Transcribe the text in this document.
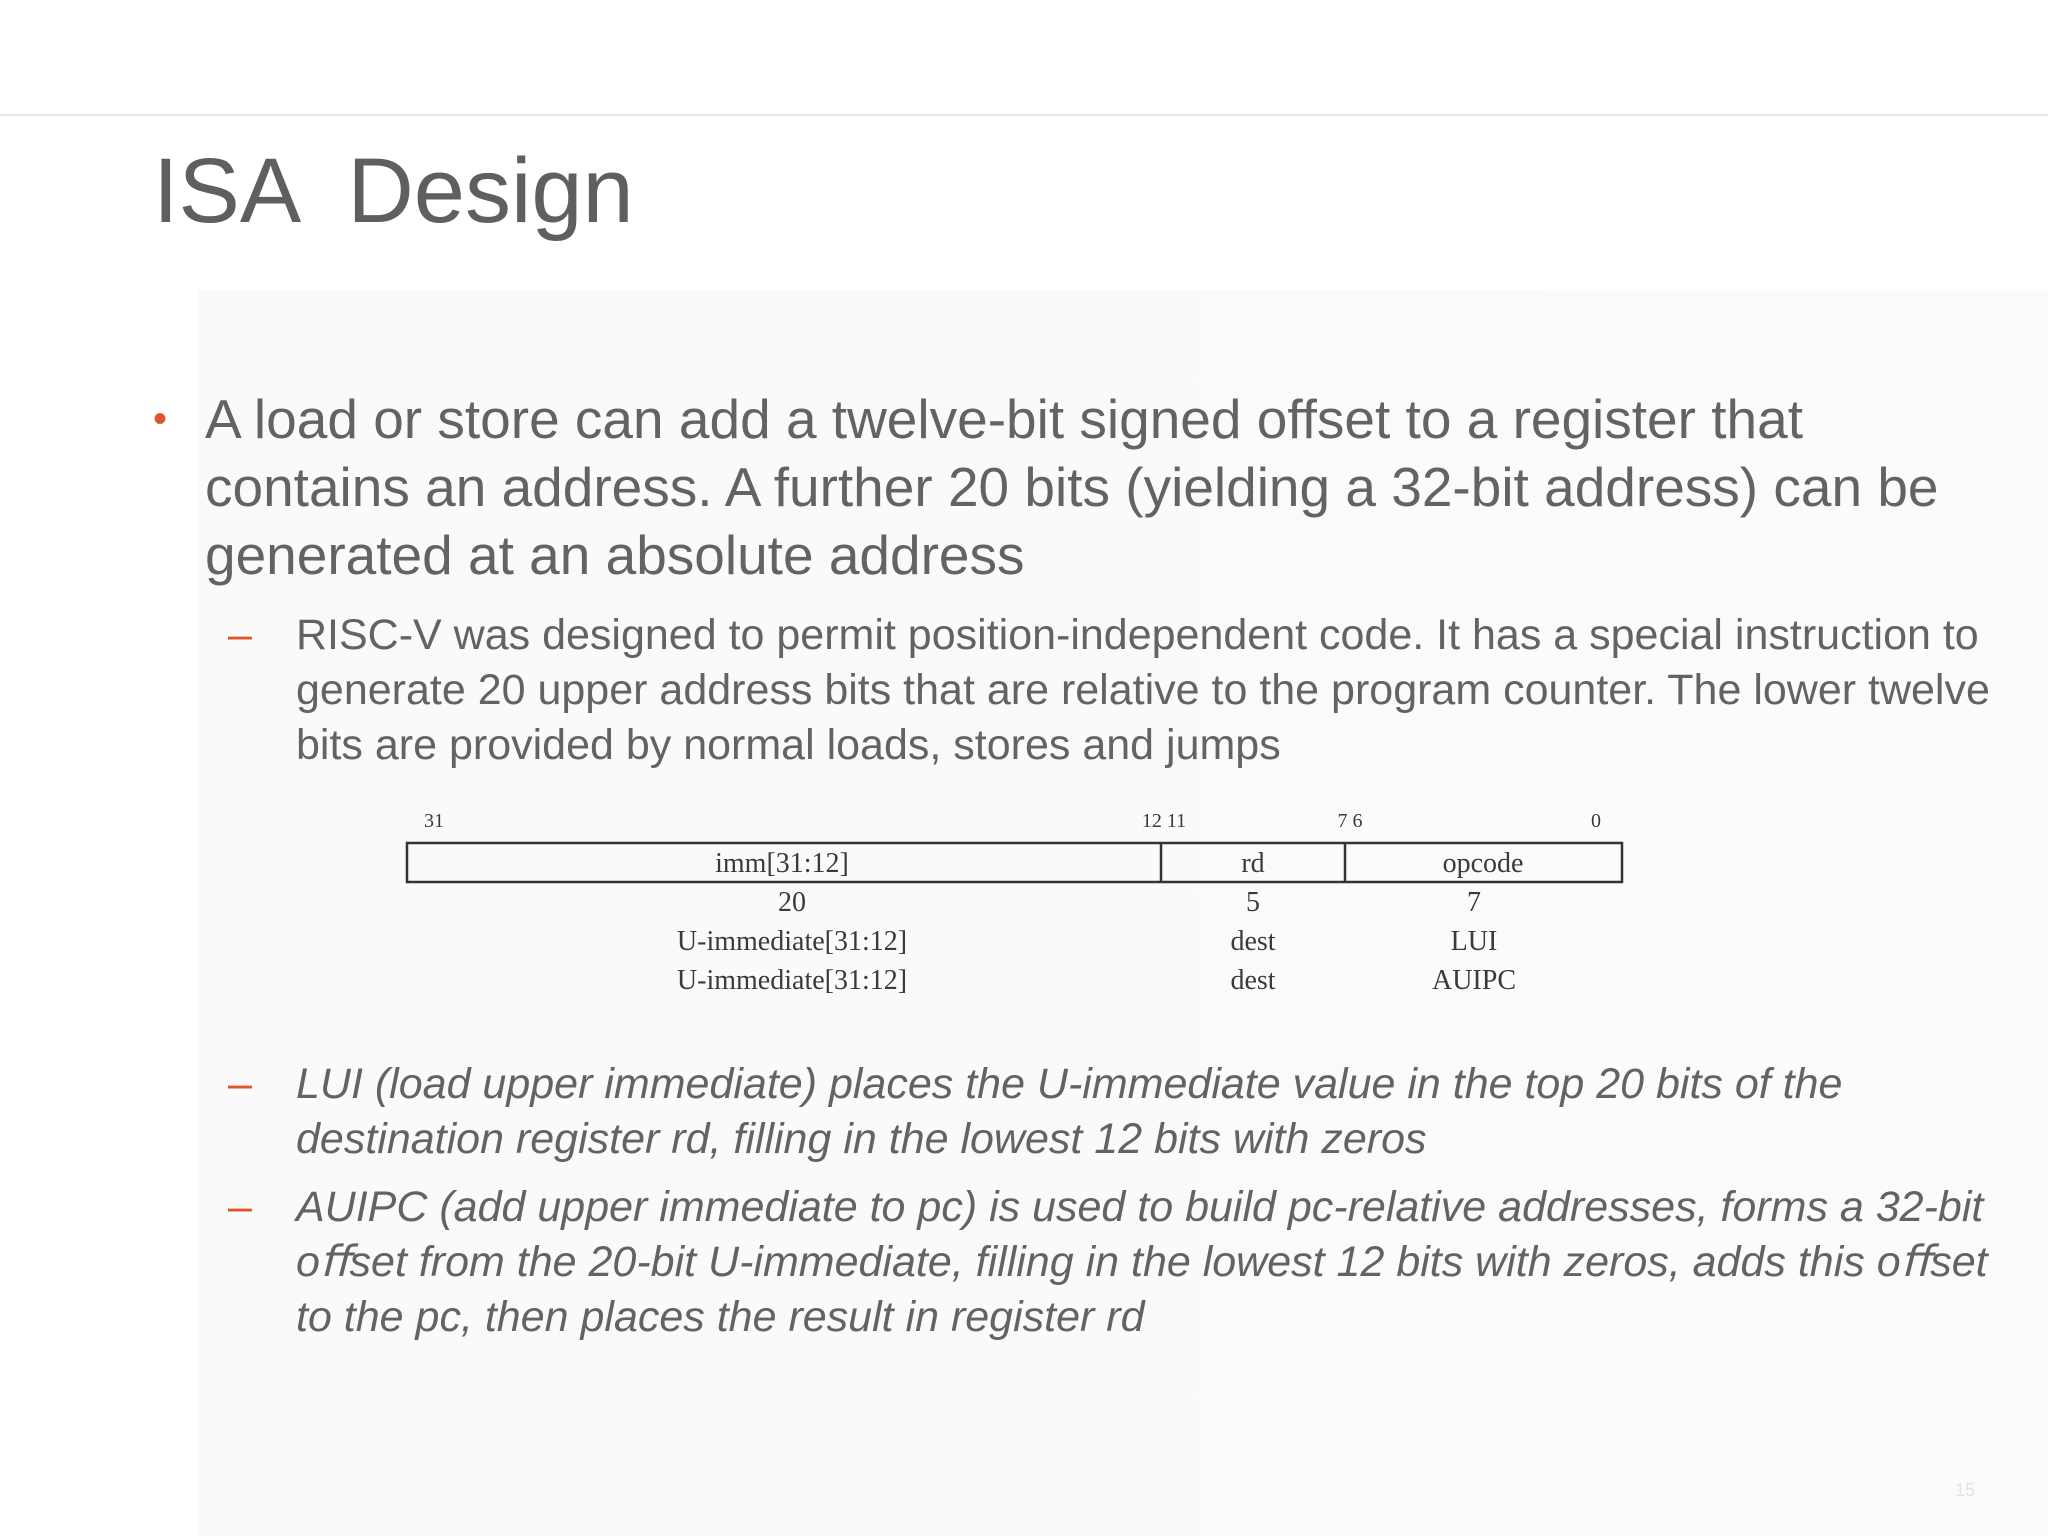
ISA  Design
• A load or store can add a twelve-bit signed offset to a register that contains an address. A further 20 bits (yielding a 32-bit address) can be generated at an absolute address
– RISC-V was designed to permit position-independent code. It has a special instruction to generate 20 upper address bits that are relative to the program counter. The lower twelve bits are provided by normal loads, stores and jumps
31	12 11	7 6	0
imm[31:12]	rd	opcode
20	5	7
U-immediate[31:12]	dest	LUI
U-immediate[31:12]	dest	AUIPC
– LUI (load upper immediate) places the U-immediate value in the top 20 bits of the destination register rd, filling in the lowest 12 bits with zeros
– AUIPC (add upper immediate to pc) is used to build pc-relative addresses, forms a 32-bit oﬀset from the 20-bit U-immediate, filling in the lowest 12 bits with zeros, adds this oﬀset to the pc, then places the result in register rd
15
